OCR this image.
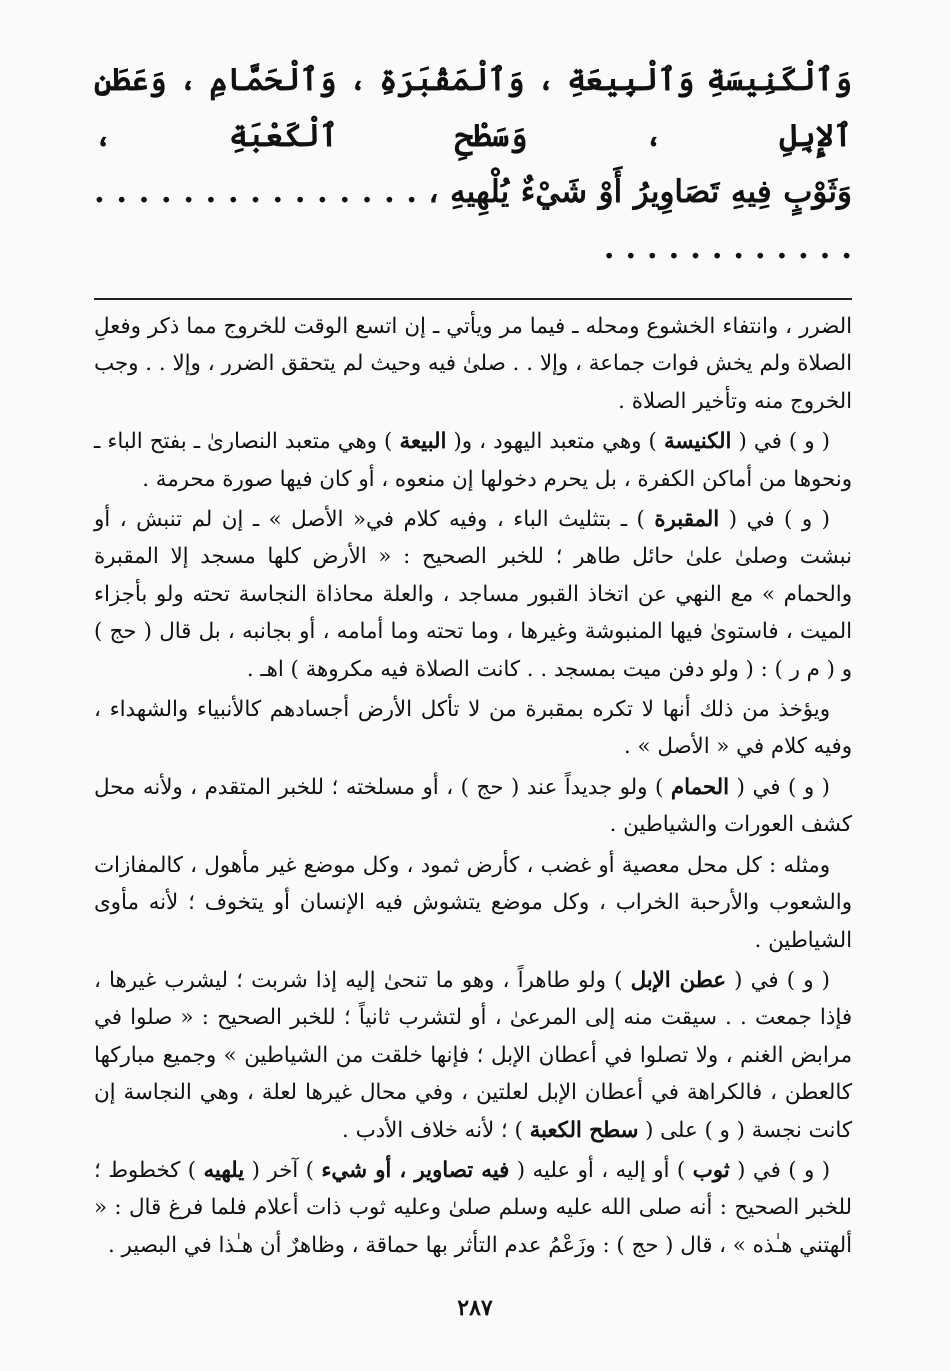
وَٱلْكَنِيسَةِ وَٱلْبِيعَةِ ، وَٱلْمَقْبَرَةِ ، وَٱلْحَمَّامِ ، وَعَطَنِ ٱلإِبِلِ ، وَسَطْحِ ٱلْكَعْبَةِ ،
وَثَوْبٍ فِيهِ تَصَاوِيرُ أَوْ شَيْءٌ يُلْهِيهِ ، . . . . . . . . . . . . . . . . . . . . . . . . . . .

الضرر ، وانتفاء الخشوع ومحله ـ فيما مر ويأتي ـ إن اتسع الوقت للخروج مما ذكر وفعلِ الصلاة ولم يخش فوات جماعة ، وإلا . . صلىٰ فيه وحيث لم يتحقق الضرر ، وإلا . . وجب الخروج منه وتأخير الصلاة .

( و ) في ( الكنيسة ) وهي متعبد اليهود ، و( البيعة ) وهي متعبد النصارىٰ ـ بفتح الباء ـ ونحوها من أماكن الكفرة ، بل يحرم دخولها إن منعوه ، أو كان فيها صورة محرمة .

( و ) في ( المقبرة ) ـ بتثليث الباء ، وفيه كلام في« الأصل » ـ إن لم تنبش ، أو نبشت وصلىٰ علىٰ حائل طاهر ؛ للخبر الصحيح : « الأرض كلها مسجد إلا المقبرة والحمام » مع النهي عن اتخاذ القبور مساجد ، والعلة محاذاة النجاسة تحته ولو بأجزاء الميت ، فاستوىٰ فيها المنبوشة وغيرها ، وما تحته وما أمامه ، أو بجانبه ، بل قال ( حج ) و ( م ر ) : ( ولو دفن ميت بمسجد . . كانت الصلاة فيه مكروهة ) اهـ .

ويؤخذ من ذلك أنها لا تكره بمقبرة من لا تأكل الأرض أجسادهم كالأنبياء والشهداء ، وفيه كلام في « الأصل » .

( و ) في ( الحمام ) ولو جديداً عند ( حج ) ، أو مسلخته ؛ للخبر المتقدم ، ولأنه محل كشف العورات والشياطين .

ومثله : كل محل معصية أو غضب ، كأرض ثمود ، وكل موضع غير مأهول ، كالمفازات والشعوب والأرحبة الخراب ، وكل موضع يتشوش فيه الإنسان أو يتخوف ؛ لأنه مأوى الشياطين .

( و ) في ( عطن الإبل ) ولو طاهراً ، وهو ما تنحىٰ إليه إذا شربت ؛ ليشرب غيرها ، فإذا جمعت . . سيقت منه إلى المرعىٰ ، أو لتشرب ثانياً ؛ للخبر الصحيح : « صلوا في مرابض الغنم ، ولا تصلوا في أعطان الإبل ؛ فإنها خلقت من الشياطين » وجميع مباركها كالعطن ، فالكراهة في أعطان الإبل لعلتين ، وفي محال غيرها لعلة ، وهي النجاسة إن كانت نجسة ( و ) على ( سطح الكعبة ) ؛ لأنه خلاف الأدب .

( و ) في ( ثوب ) أو إليه ، أو عليه ( فيه تصاوير ، أو شيء ) آخر ( يلهيه ) كخطوط ؛ للخبر الصحيح : أنه صلى الله عليه وسلم صلىٰ وعليه ثوب ذات أعلام فلما فرغ قال : « ألهتني هـٰذه » ، قال ( حج ) : وزَعْمُ عدم التأثر بها حماقة ، وظاهرٌ أن هـٰذا في البصير .

٢٨٧
